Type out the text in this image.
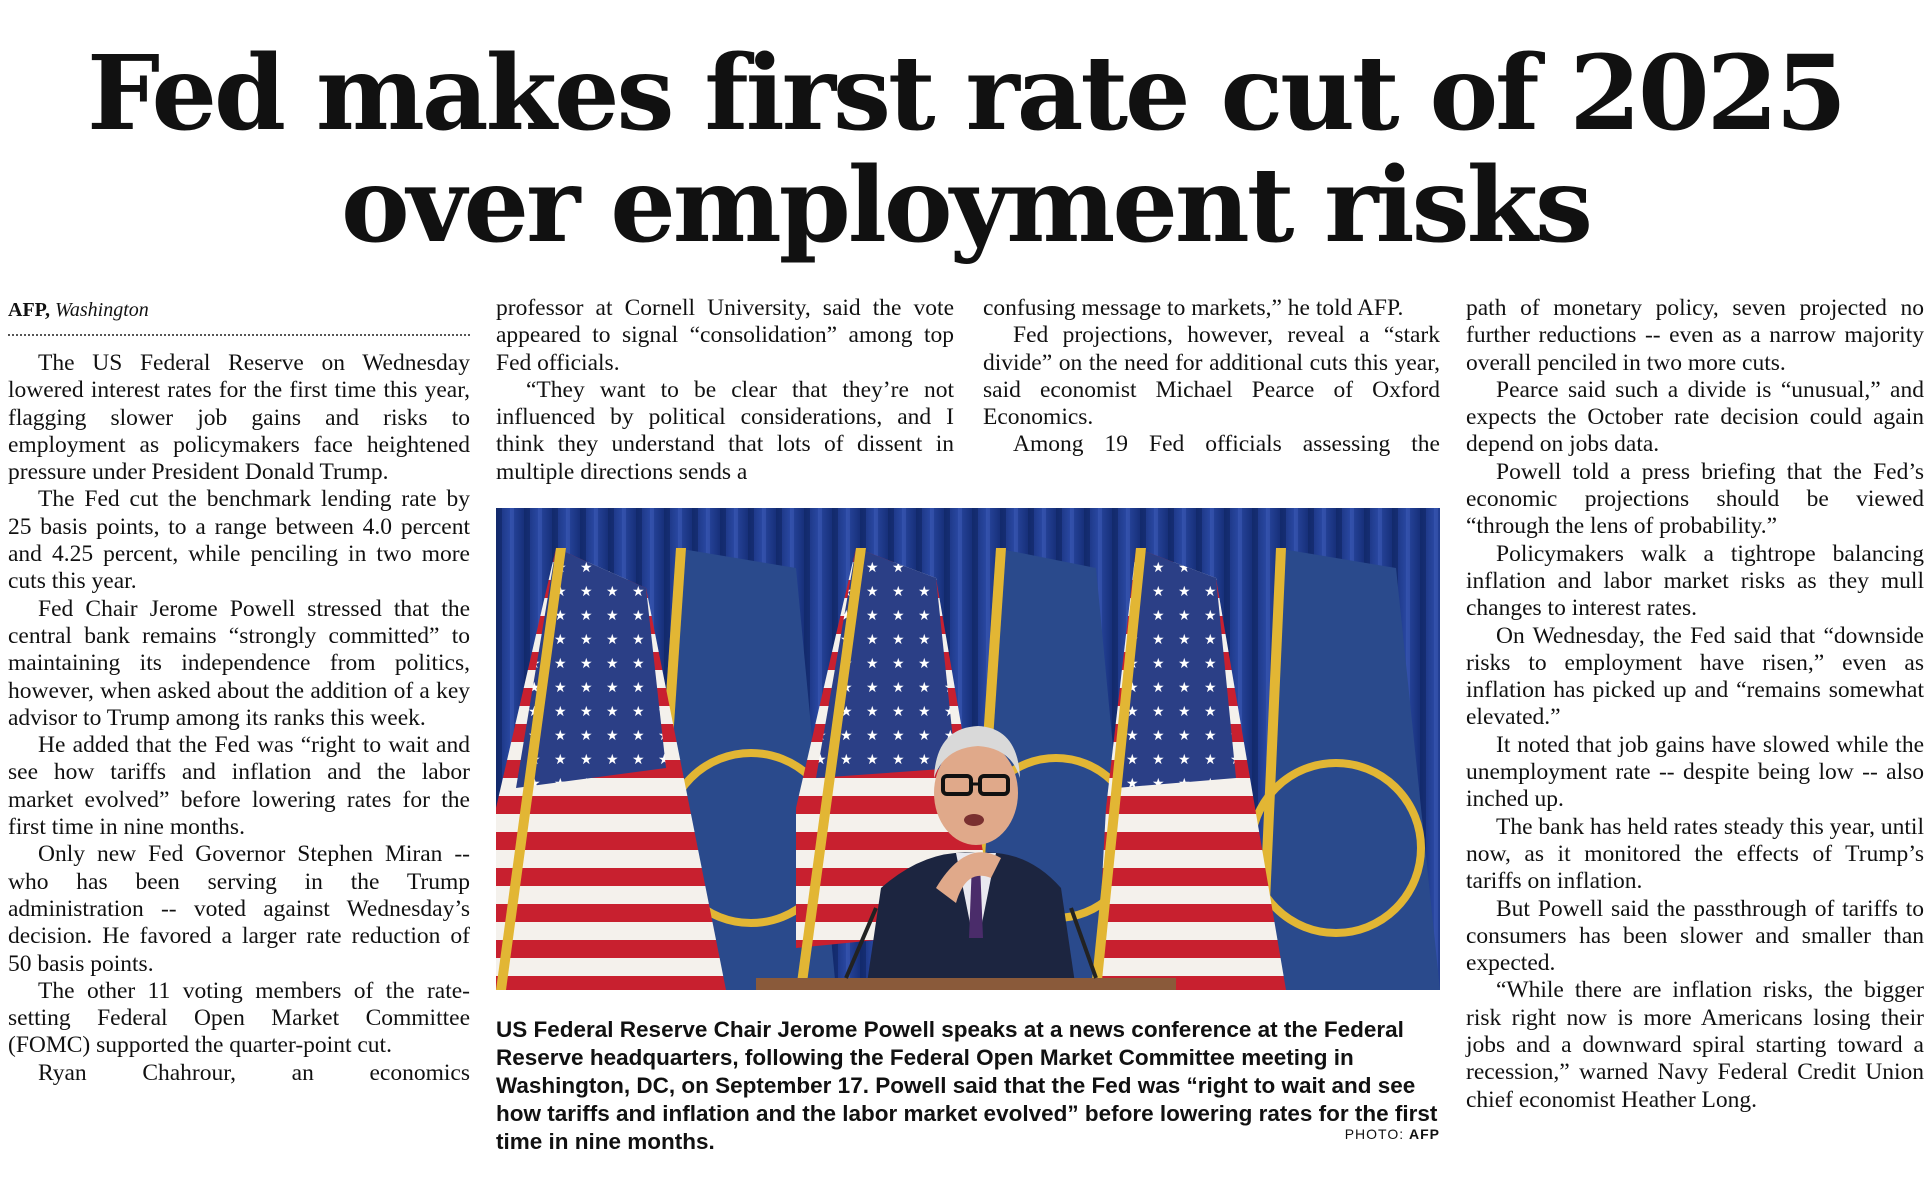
Fed makes first rate cut of 2025
over employment risks
AFP, Washington

The US Federal Reserve on Wednesday lowered interest rates for the first time this year, flagging slower job gains and risks to employment as policymakers face heightened pressure under President Donald Trump.

The Fed cut the benchmark lending rate by 25 basis points, to a range between 4.0 percent and 4.25 percent, while penciling in two more cuts this year.

Fed Chair Jerome Powell stressed that the central bank remains “strongly committed” to maintaining its independence from politics, however, when asked about the addition of a key advisor to Trump among its ranks this week.

He added that the Fed was “right to wait and see how tariffs and inflation and the labor market evolved” before lowering rates for the first time in nine months.

Only new Fed Governor Stephen Miran -- who has been serving in the Trump administration -- voted against Wednesday’s decision. He favored a larger rate reduction of 50 basis points.

The other 11 voting members of the rate-setting Federal Open Market Committee (FOMC) supported the quarter-point cut.

Ryan Chahrour, an economics

professor at Cornell University, said the vote appeared to signal “consolidation” among top Fed officials.

“They want to be clear that they’re not influenced by political considerations, and I think they understand that lots of dissent in multiple directions sends a

confusing message to markets,” he told AFP.

Fed projections, however, reveal a “stark divide” on the need for additional cuts this year, said economist Michael Pearce of Oxford Economics.

Among 19 Fed officials assessing the

path of monetary policy, seven projected no further reductions -- even as a narrow majority overall penciled in two more cuts.

Pearce said such a divide is “unusual,” and expects the October rate decision could again depend on jobs data.

Powell told a press briefing that the Fed’s economic projections should be viewed “through the lens of probability.”

Policymakers walk a tightrope balancing inflation and labor market risks as they mull changes to interest rates.

On Wednesday, the Fed said that “downside risks to employment have risen,” even as inflation has picked up and “remains somewhat elevated.”

It noted that job gains have slowed while the unemployment rate -- despite being low -- also inched up.

The bank has held rates steady this year, until now, as it monitored the effects of Trump’s tariffs on inflation.

But Powell said the passthrough of tariffs to consumers has been slower and smaller than expected.

“While there are inflation risks, the bigger risk right now is more Americans losing their jobs and a downward spiral starting toward a recession,” warned Navy Federal Credit Union chief economist Heather Long.

US Federal Reserve Chair Jerome Powell speaks at a news conference at the Federal Reserve headquarters, following the Federal Open Market Committee meeting in Washington, DC, on September 17. Powell said that the Fed was “right to wait and see how tariffs and inflation and the labor market evolved” before lowering rates for the first time in nine months.	PHOTO: AFP
